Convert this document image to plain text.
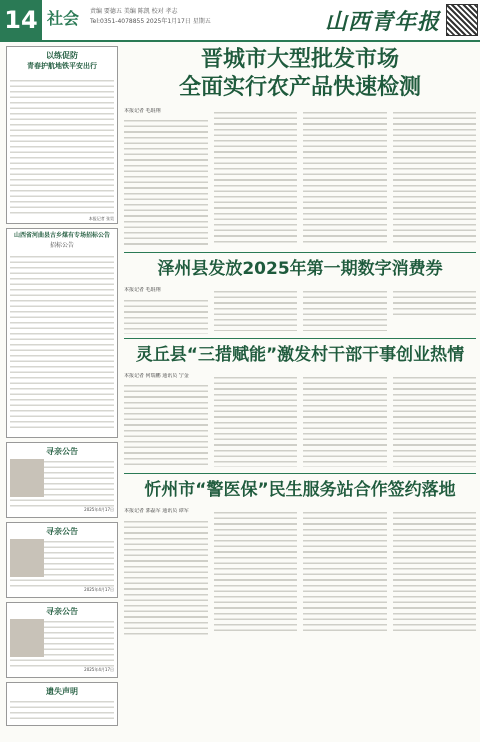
14 社会 责编 要德五 美编 陈凯 校对 孝志
Tel:0351-4078855 2025年1月17日 星期五	山西青年报
以练促防
青春护航地铁平安出行
本报记者 张昊
山西省河曲县古乡煤有专场招标公告
招标公告
寻亲公告
2025年4月17日
寻亲公告
2025年4月17日
寻亲公告
2025年4月17日
遗失声明
晋城市大型批发市场
全面实行农产品快速检测
本报记者 毛琨翔
泽州县发放2025年第一期数字消费券
本报记者 毛琨翔
灵丘县“三措赋能”激发村干部干事创业热情
本报记者 何瑞鹏 通讯员 宁金
忻州市“警医保”民生服务站合作签约落地
本报记者 郭磊军 通讯员 谭军
